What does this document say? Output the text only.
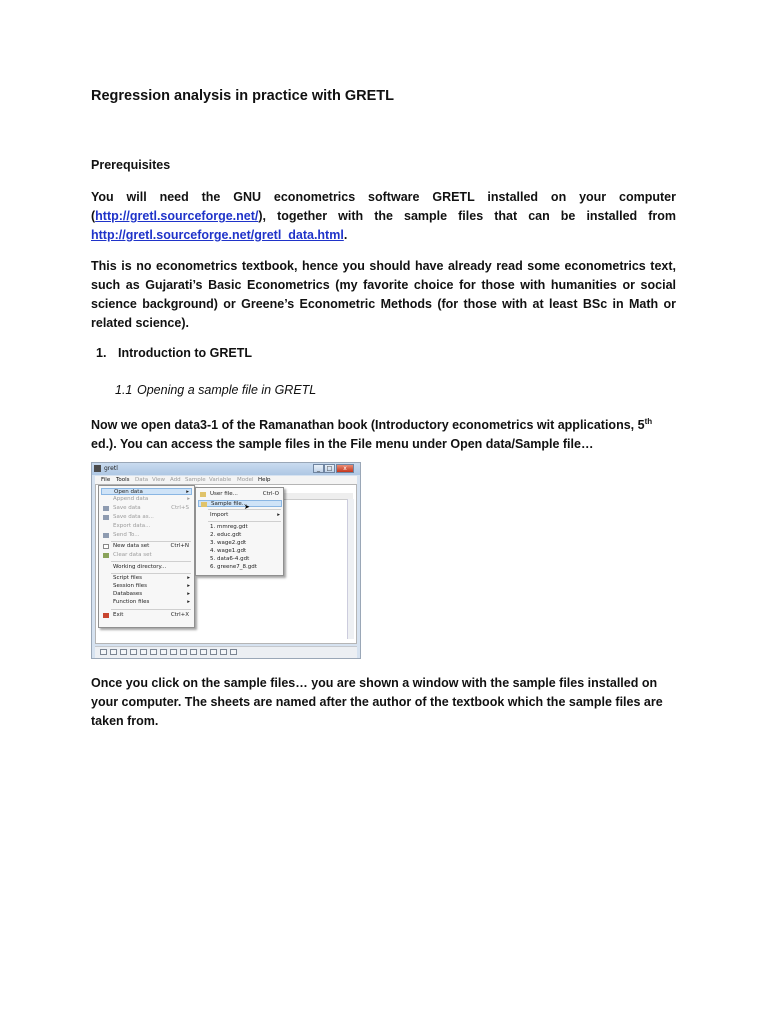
Regression analysis in practice with GRETL
Prerequisites

You will need the GNU econometrics software GRETL installed on your computer (http://gretl.sourceforge.net/), together with the sample files that can be installed from http://gretl.sourceforge.net/gretl_data.html.

This is no econometrics textbook, hence you should have already read some econometrics text, such as Gujarati’s Basic Econometrics (my favorite choice for those with humanities or social science background) or Greene’s Econometric Methods (for those with at least BSc in Math or related science).

1. Introduction to GRETL
1.1 Opening a sample file in GRETL

Now we open data3-1 of the Ramanathan book (Introductory econometrics wit applications, 5th ed.). You can access the sample files in the File menu under Open data/Sample file…

gretl	_	□	x
File Tools Data View Add Sample Variable Model Help
Open data	▸
Append data	▸
Save data	Ctrl+S
Save data as...
Export data...
Send To...
New data set	Ctrl+N
Clear data set
Working directory...
Script files	▸
Session files	▸
Databases	▸
Function files	▸
Exit	Ctrl+X
User file...	Ctrl-O
Sample file...
Import	▸
1. mmreg.gdt
2. educ.gdt
3. wage2.gdt
4. wage1.gdt
5. data6-4.gdt
6. greene7_8.gdt
➤

Once you click on the sample files… you are shown a window with the sample files installed on your computer. The sheets are named after the author of the textbook which the sample files are taken from.
